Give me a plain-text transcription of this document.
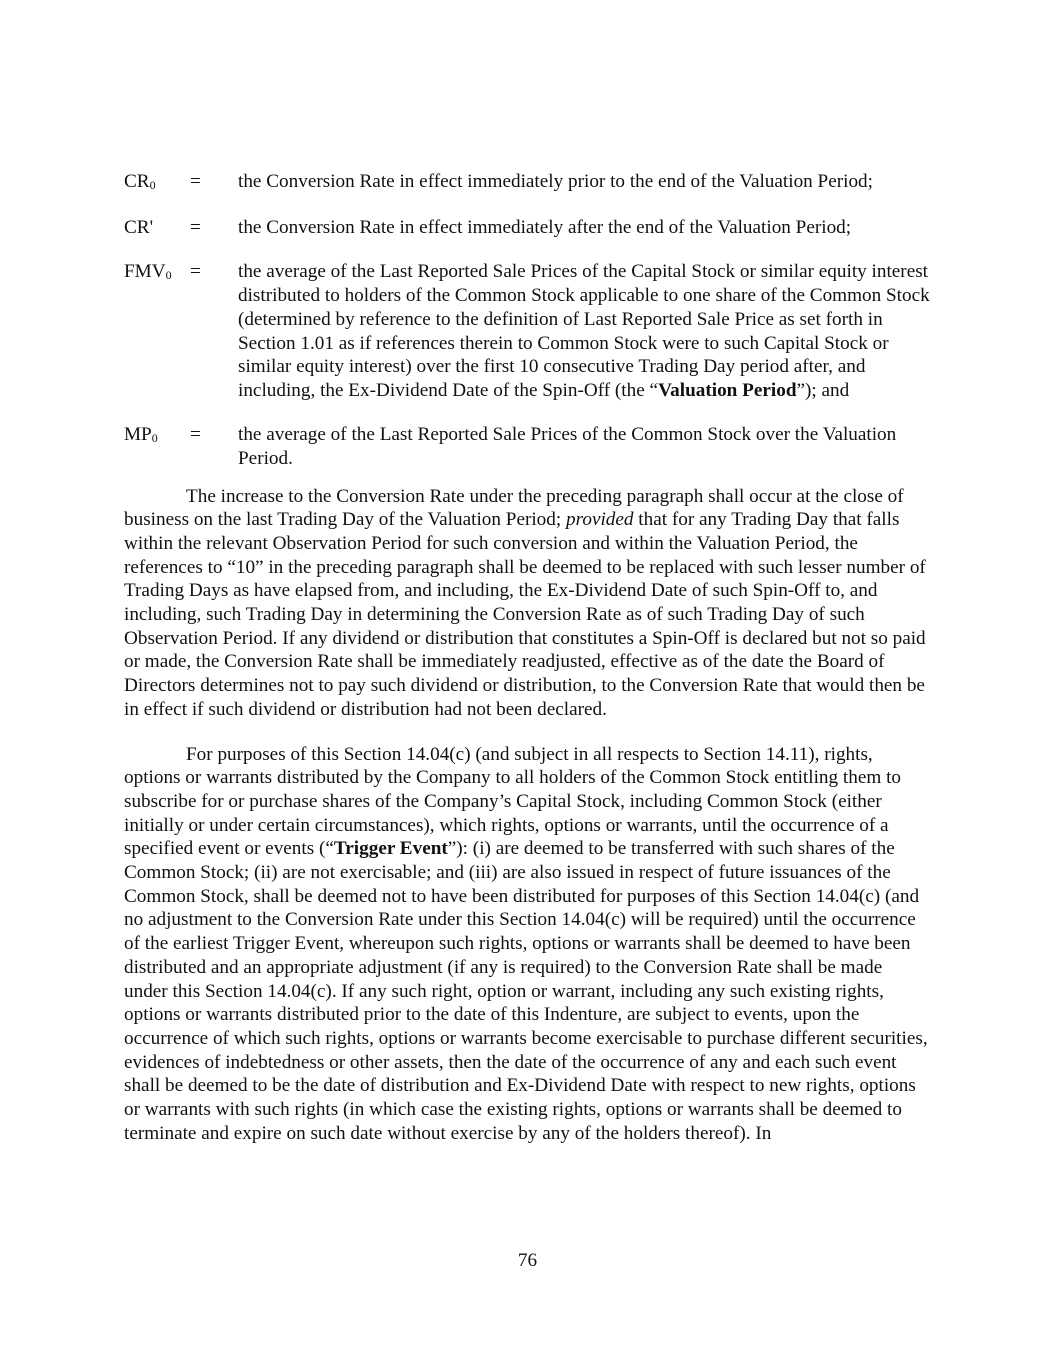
$CR_0$	=	the Conversion Rate in effect immediately prior to the end of the Valuation Period;
CR'	=	the Conversion Rate in effect immediately after the end of the Valuation Period;
$FMV_0$ =	the average of the Last Reported Sale Prices of the Capital Stock or similar equity interest distributed to holders of the Common Stock applicable to one share of the Common Stock (determined by reference to the definition of Last Reported Sale Price as set forth in Section 1.01 as if references therein to Common Stock were to such Capital Stock or similar equity interest) over the first 10 consecutive Trading Day period after, and including, the Ex-Dividend Date of the Spin-Off (the “Valuation Period”); and
$MP_0$	=	the average of the Last Reported Sale Prices of the Common Stock over the Valuation Period.

The increase to the Conversion Rate under the preceding paragraph shall occur at the close of business on the last Trading Day of the Valuation Period; provided that for any Trading Day that falls within the relevant Observation Period for such conversion and within the Valuation Period, the references to “10” in the preceding paragraph shall be deemed to be replaced with such lesser number of Trading Days as have elapsed from, and including, the Ex-Dividend Date of such Spin-Off to, and including, such Trading Day in determining the Conversion Rate as of such Trading Day of such Observation Period. If any dividend or distribution that constitutes a Spin-Off is declared but not so paid or made, the Conversion Rate shall be immediately readjusted, effective as of the date the Board of Directors determines not to pay such dividend or distribution, to the Conversion Rate that would then be in effect if such dividend or distribution had not been declared.

For purposes of this Section 14.04(c) (and subject in all respects to Section 14.11), rights, options or warrants distributed by the Company to all holders of the Common Stock entitling them to subscribe for or purchase shares of the Company’s Capital Stock, including Common Stock (either initially or under certain circumstances), which rights, options or warrants, until the occurrence of a specified event or events (“Trigger Event”): (i) are deemed to be transferred with such shares of the Common Stock; (ii) are not exercisable; and (iii) are also issued in respect of future issuances of the Common Stock, shall be deemed not to have been distributed for purposes of this Section 14.04(c) (and no adjustment to the Conversion Rate under this Section 14.04(c) will be required) until the occurrence of the earliest Trigger Event, whereupon such rights, options or warrants shall be deemed to have been distributed and an appropriate adjustment (if any is required) to the Conversion Rate shall be made under this Section 14.04(c). If any such right, option or warrant, including any such existing rights, options or warrants distributed prior to the date of this Indenture, are subject to events, upon the occurrence of which such rights, options or warrants become exercisable to purchase different securities, evidences of indebtedness or other assets, then the date of the occurrence of any and each such event shall be deemed to be the date of distribution and Ex-Dividend Date with respect to new rights, options or warrants with such rights (in which case the existing rights, options or warrants shall be deemed to terminate and expire on such date without exercise by any of the holders thereof). In

76
